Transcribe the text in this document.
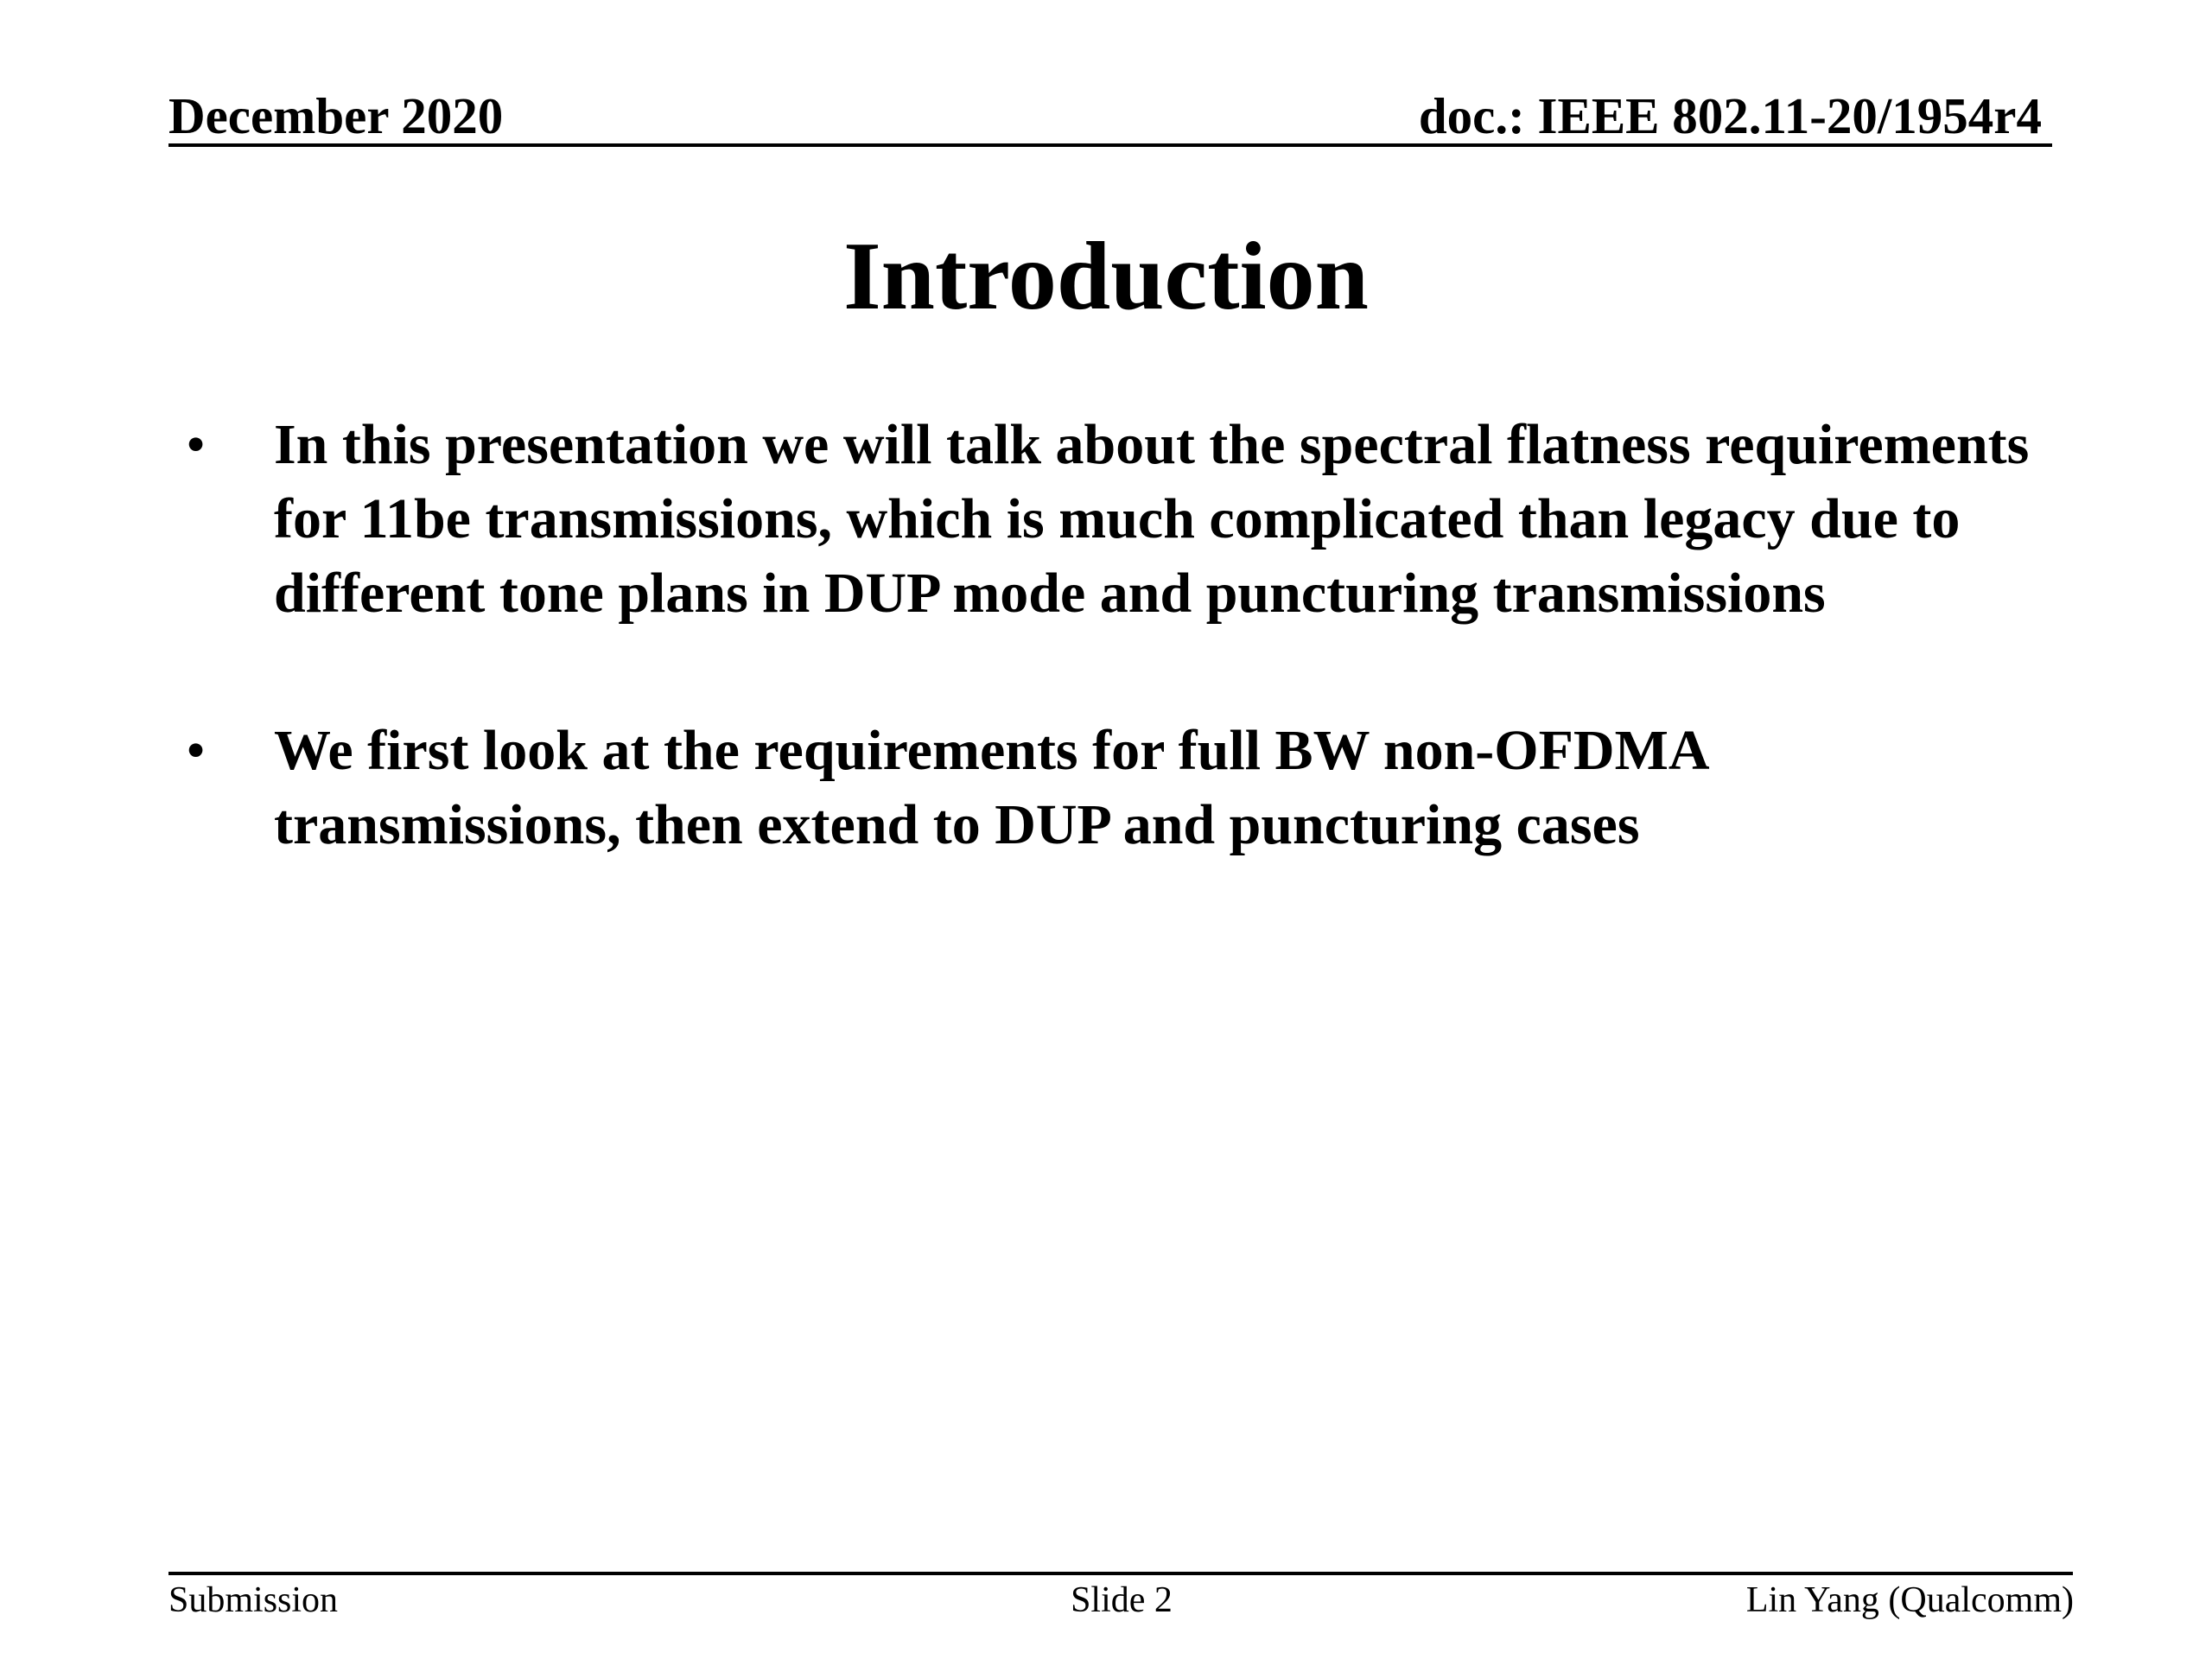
December 2020	doc.: IEEE 802.11-20/1954r4
Introduction
• In this presentation we will talk about the spectral flatness requirements for 11be transmissions, which is much complicated than legacy due to different tone plans in DUP mode and puncturing transmissions
• We first look at the requirements for full BW non-OFDMA transmissions, then extend to DUP and puncturing cases
Submission	Slide 2	Lin Yang (Qualcomm)
